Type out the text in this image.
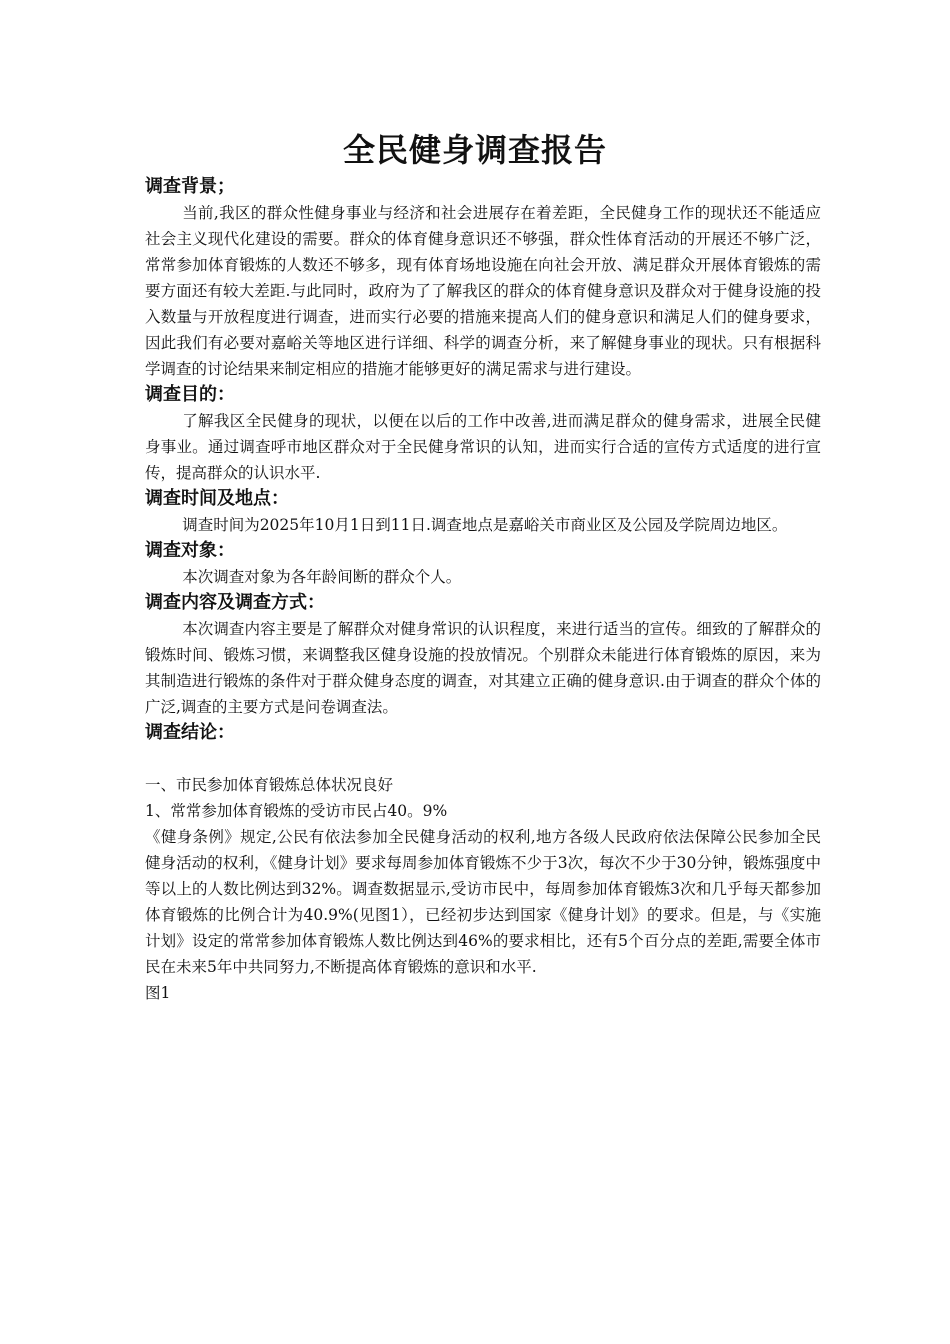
全民健身调查报告

调查背景；

当前,我区的群众性健身事业与经济和社会进展存在着差距，全民健身工作的现状还不能适应社会主义现代化建设的需要。群众的体育健身意识还不够强，群众性体育活动的开展还不够广泛，常常参加体育锻炼的人数还不够多，现有体育场地设施在向社会开放、满足群众开展体育锻炼的需要方面还有较大差距.与此同时，政府为了了解我区的群众的体育健身意识及群众对于健身设施的投入数量与开放程度进行调查，进而实行必要的措施来提高人们的健身意识和满足人们的健身要求，因此我们有必要对嘉峪关等地区进行详细、科学的调查分析，来了解健身事业的现状。只有根据科学调查的讨论结果来制定相应的措施才能够更好的满足需求与进行建设。

调查目的：

了解我区全民健身的现状，以便在以后的工作中改善,进而满足群众的健身需求，进展全民健身事业。通过调查呼市地区群众对于全民健身常识的认知，进而实行合适的宣传方式适度的进行宣传，提高群众的认识水平.

调查时间及地点：

调查时间为2025年10月1日到11日.调查地点是嘉峪关市商业区及公园及学院周边地区。

调查对象：

本次调查对象为各年龄间断的群众个人。

调查内容及调查方式：

本次调查内容主要是了解群众对健身常识的认识程度，来进行适当的宣传。细致的了解群众的锻炼时间、锻炼习惯，来调整我区健身设施的投放情况。个别群众未能进行体育锻炼的原因，来为其制造进行锻炼的条件对于群众健身态度的调查，对其建立正确的健身意识.由于调查的群众个体的广泛,调查的主要方式是问卷调查法。

调查结论：

一、市民参加体育锻炼总体状况良好

1、常常参加体育锻炼的受访市民占40。9%

《健身条例》规定,公民有依法参加全民健身活动的权利,地方各级人民政府依法保障公民参加全民健身活动的权利，《健身计划》要求每周参加体育锻炼不少于3次，每次不少于30分钟，锻炼强度中等以上的人数比例达到32%。调查数据显示,受访市民中，每周参加体育锻炼3次和几乎每天都参加体育锻炼的比例合计为40.9%(见图1），已经初步达到国家《健身计划》的要求。但是，与《实施计划》设定的常常参加体育锻炼人数比例达到46%的要求相比，还有5个百分点的差距,需要全体市民在未来5年中共同努力,不断提高体育锻炼的意识和水平.

图1
